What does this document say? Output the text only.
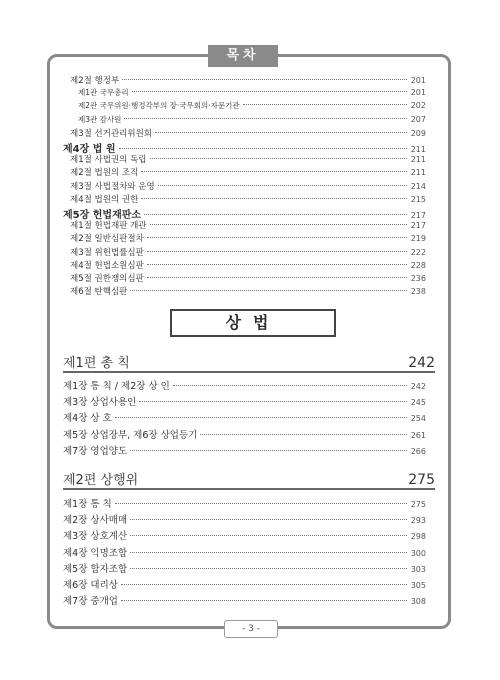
목차
제2절 행정부	201
제1관 국무총리	201
제2관 국무위원·행정각부의 장·국무회의·자문기관	202
제3관 감사원	207
제3절 선거관리위원회	209
제4장 법 원	211
제1절 사법권의 독립	211
제2절 법원의 조직	211
제3절 사법절차와 운영	214
제4절 법원의 권한	215
제5장 헌법재판소	217
제1절 헌법재판 개관	217
제2절 일반심판절차	219
제3절 위헌법률심판	222
제4절 헌법소원심판	228
제5절 권한쟁의심판	236
제6절 탄핵심판	238
상법
제1편 총 칙	242
제1장 통 칙 / 제2장 상 인	242
제3장 상업사용인	245
제4장 상 호	254
제5장 상업장부, 제6장 상업등기	261
제7장 영업양도	266
제2편 상행위	275
제1장 통 칙	275
제2장 상사매매	293
제3장 상호계산	298
제4장 익명조합	300
제5장 합자조합	303
제6장 대리상	305
제7장 중개업	308
- 3 -
